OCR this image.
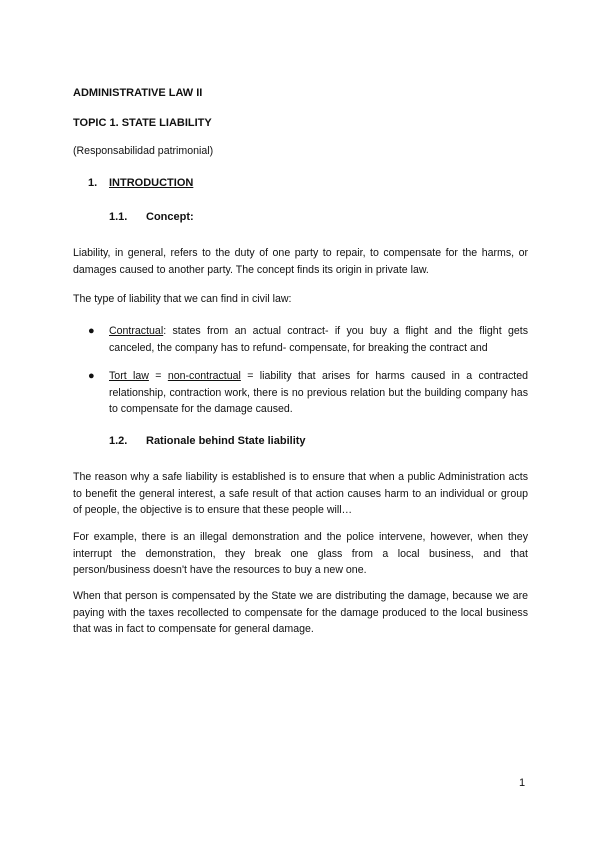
ADMINISTRATIVE LAW II
TOPIC 1. STATE LIABILITY
(Responsabilidad patrimonial)
1. INTRODUCTION
1.1. Concept:
Liability, in general, refers to the duty of one party to repair, to compensate for the harms, or damages caused to another party. The concept finds its origin in private law.
The type of liability that we can find in civil law:
● Contractual: states from an actual contract- if you buy a flight and the flight gets canceled, the company has to refund- compensate, for breaking the contract and
● Tort law = non-contractual = liability that arises for harms caused in a contracted relationship, contraction work, there is no previous relation but the building company has to compensate for the damage caused.
1.2. Rationale behind State liability
The reason why a safe liability is established is to ensure that when a public Administration acts to benefit the general interest, a safe result of that action causes harm to an individual or group of people, the objective is to ensure that these people will…
For example, there is an illegal demonstration and the police intervene, however, when they interrupt the demonstration, they break one glass from a local business, and that person/business doesn't have the resources to buy a new one.
When that person is compensated by the State we are distributing the damage, because we are paying with the taxes recollected to compensate for the damage produced to the local business that was in fact to compensate for general damage.
1
